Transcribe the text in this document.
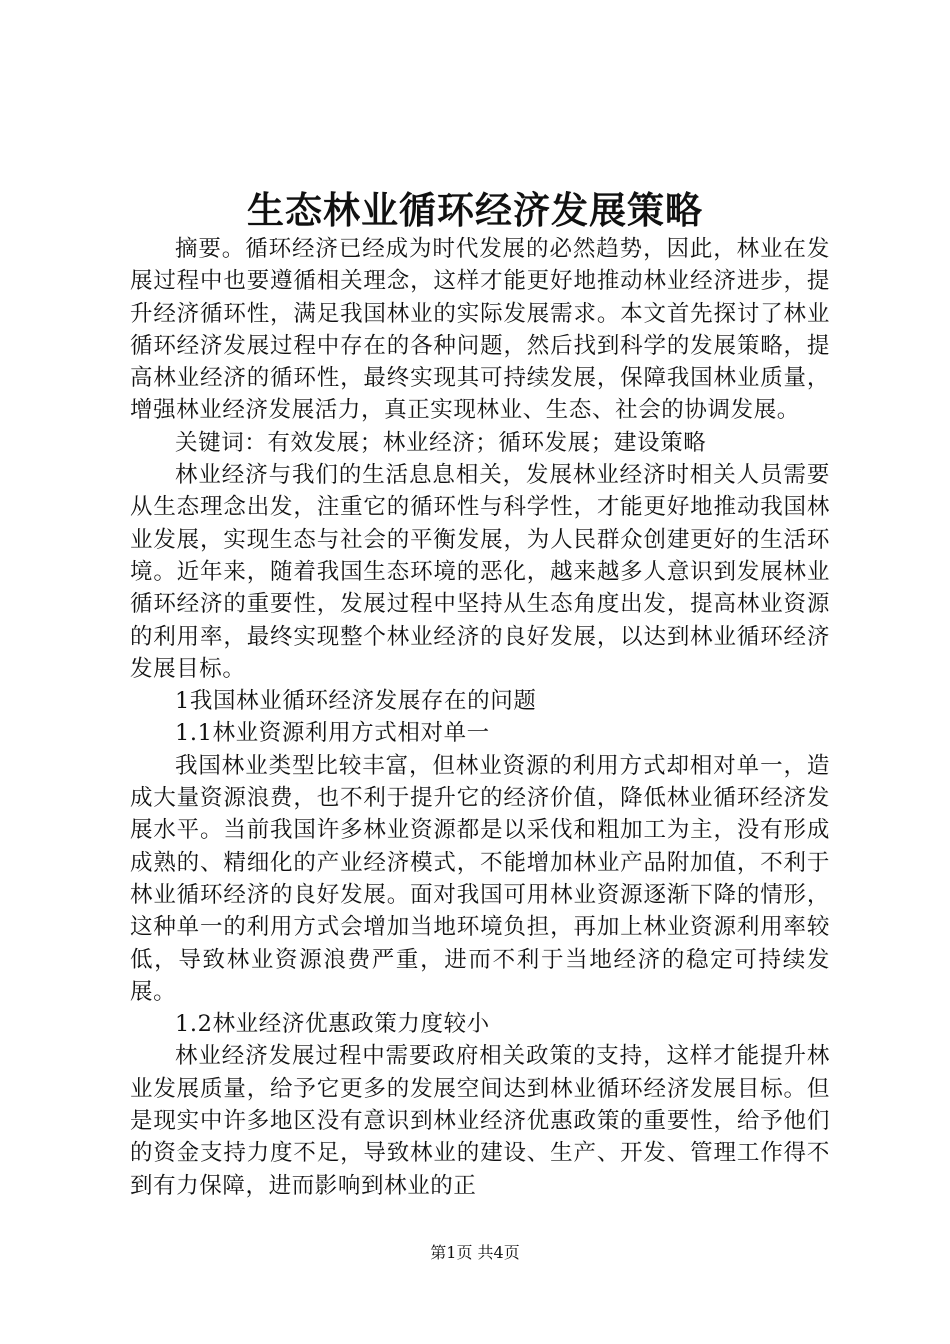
生态林业循环经济发展策略

摘要。循环经济已经成为时代发展的必然趋势，因此，林业在发展过程中也要遵循相关理念，这样才能更好地推动林业经济进步，提升经济循环性，满足我国林业的实际发展需求。本文首先探讨了林业循环经济发展过程中存在的各种问题，然后找到科学的发展策略，提高林业经济的循环性，最终实现其可持续发展，保障我国林业质量，增强林业经济发展活力，真正实现林业、生态、社会的协调发展。

关键词：有效发展；林业经济；循环发展；建设策略

林业经济与我们的生活息息相关，发展林业经济时相关人员需要从生态理念出发，注重它的循环性与科学性，才能更好地推动我国林业发展，实现生态与社会的平衡发展，为人民群众创建更好的生活环境。近年来，随着我国生态环境的恶化，越来越多人意识到发展林业循环经济的重要性，发展过程中坚持从生态角度出发，提高林业资源的利用率，最终实现整个林业经济的良好发展，以达到林业循环经济发展目标。

1我国林业循环经济发展存在的问题

1.1林业资源利用方式相对单一

我国林业类型比较丰富，但林业资源的利用方式却相对单一，造成大量资源浪费，也不利于提升它的经济价值，降低林业循环经济发展水平。当前我国许多林业资源都是以采伐和粗加工为主，没有形成成熟的、精细化的产业经济模式，不能增加林业产品附加值，不利于林业循环经济的良好发展。面对我国可用林业资源逐渐下降的情形，这种单一的利用方式会增加当地环境负担，再加上林业资源利用率较低，导致林业资源浪费严重，进而不利于当地经济的稳定可持续发展。

1.2林业经济优惠政策力度较小

林业经济发展过程中需要政府相关政策的支持，这样才能提升林业发展质量，给予它更多的发展空间达到林业循环经济发展目标。但是现实中许多地区没有意识到林业经济优惠政策的重要性，给予他们的资金支持力度不足，导致林业的建设、生产、开发、管理工作得不到有力保障，进而影响到林业的正

第1页 共4页
